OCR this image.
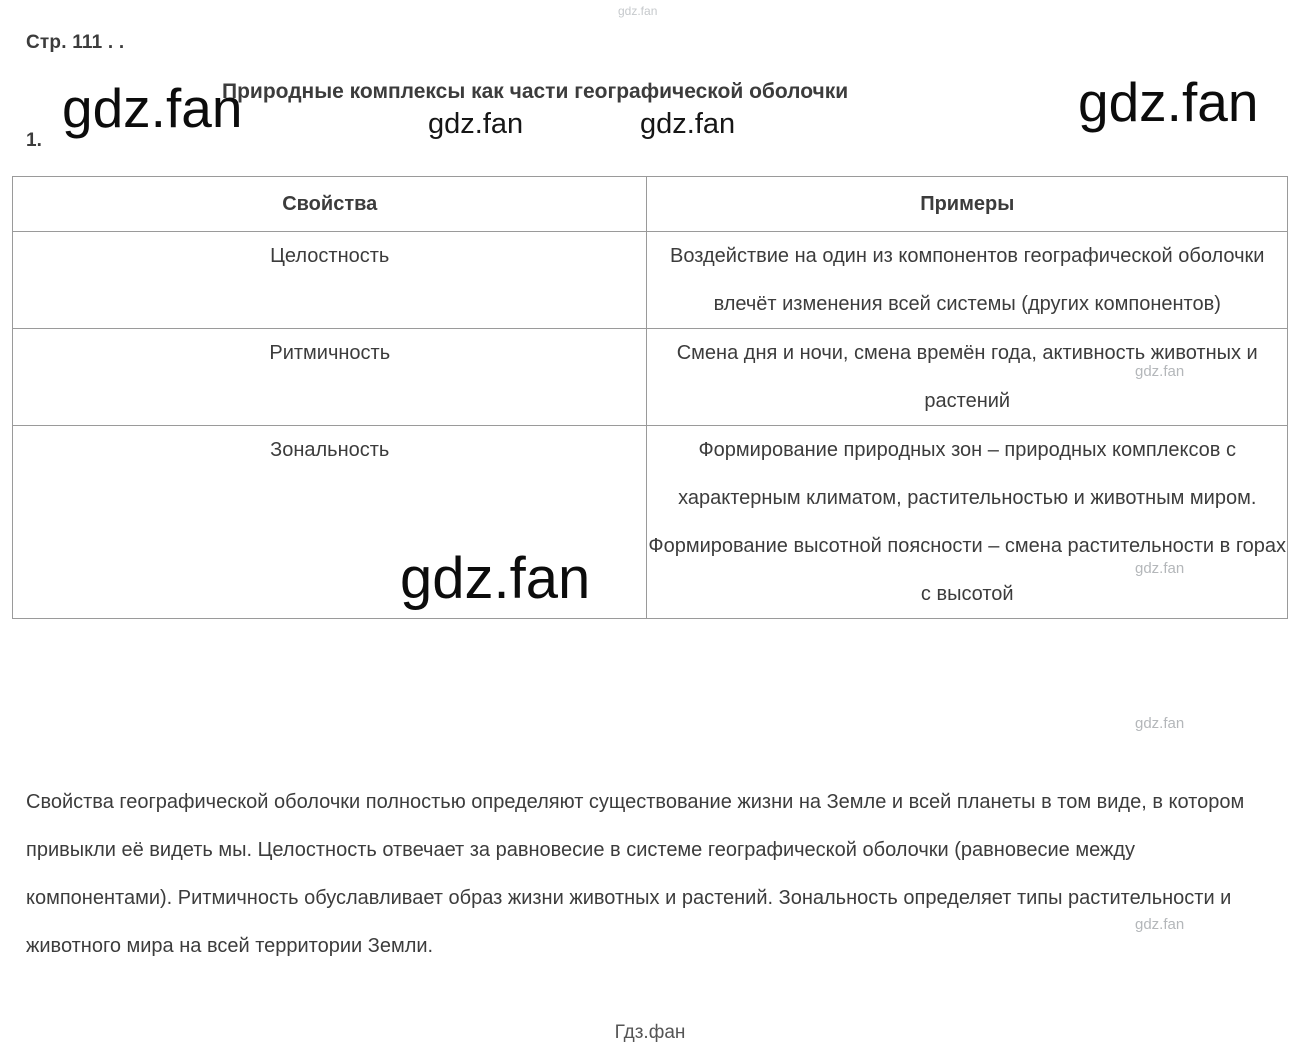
gdz.fan
Стр. 111 . .
gdz.fan
Природные комплексы как части географической оболочки	gdz.fan
gdz.fan	gdz.fan
1.
Свойства	Примеры
Целостность	Воздействие на один из компонентов географической оболочки влечёт изменения всей системы (других компонентов)
Ритмичность	Смена дня и ночи, смена времён года, активность животных и растений
Зональность	Формирование природных зон – природных комплексов с характерным климатом, растительностью и животным миром. Формирование высотной поясности – смена растительности в горах с высотой
gdz.fan
gdz.fan
gdz.fan
gdz.fan
gdz.fan
Свойства географической оболочки полностью определяют существование жизни на Земле и всей планеты в том виде, в котором привыкли её видеть мы. Целостность отвечает за равновесие в системе географической оболочки (равновесие между компонентами). Ритмичность обуславливает образ жизни животных и растений. Зональность определяет типы растительности и животного мира на всей территории Земли.
Гдз.фан
